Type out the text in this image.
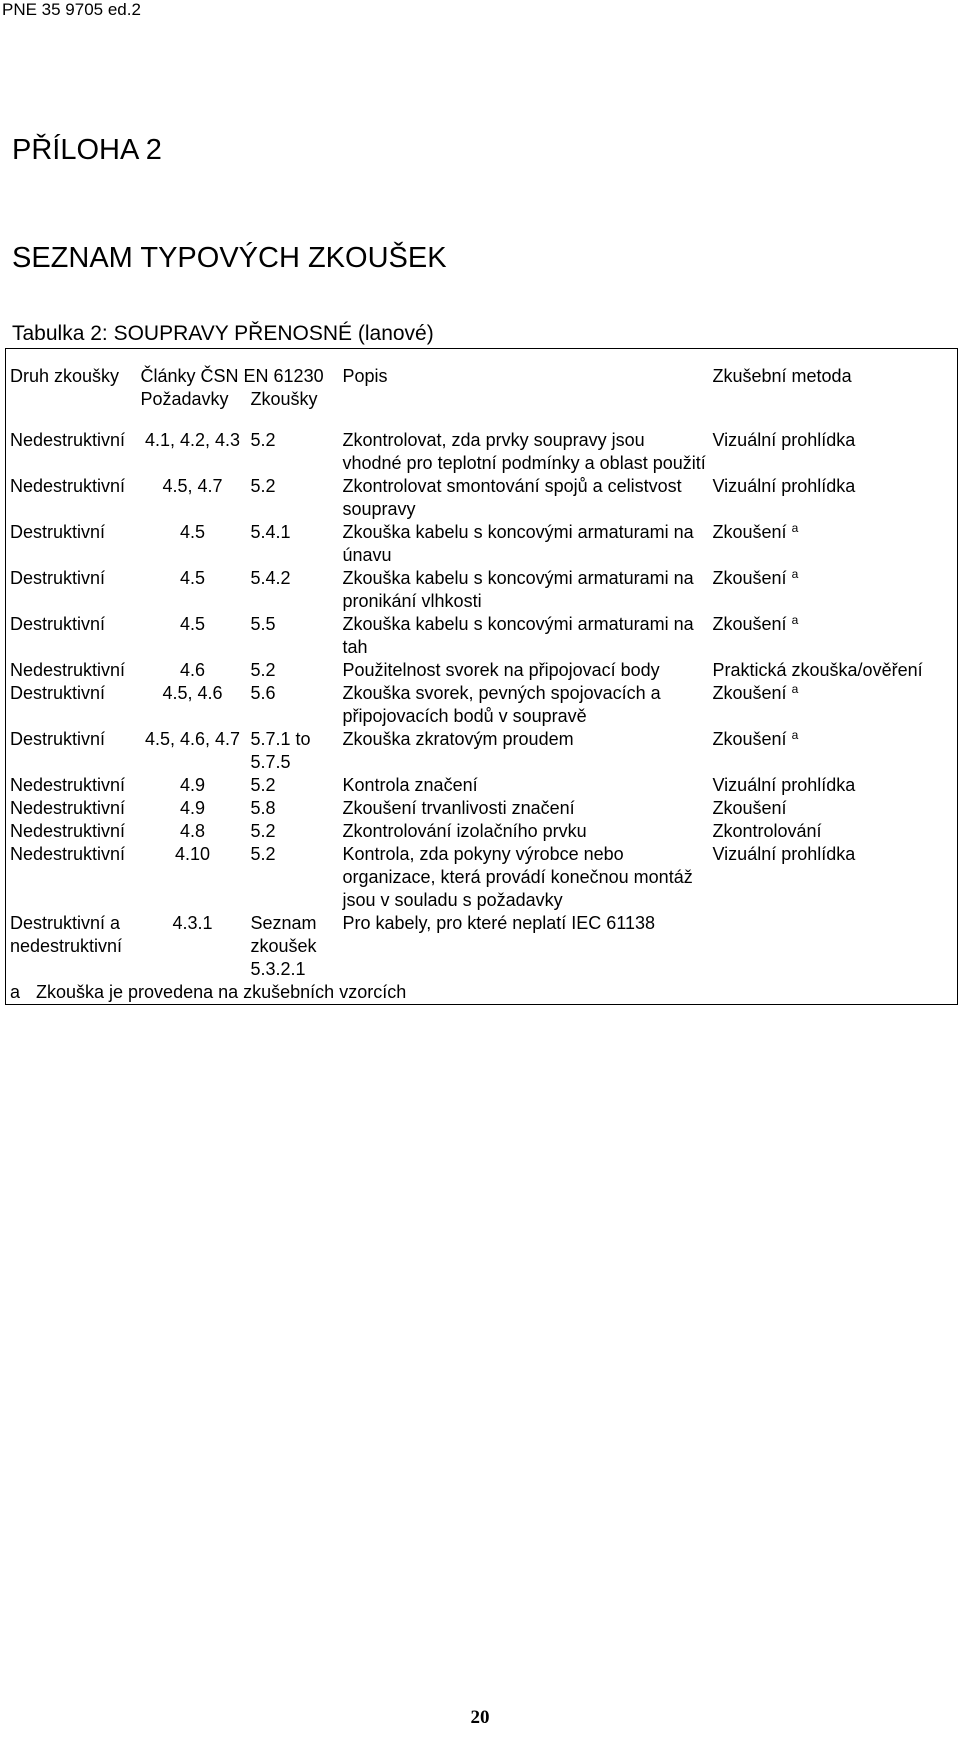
PNE 35 9705 ed.2
PŘÍLOHA 2
SEZNAM TYPOVÝCH ZKOUŠEK
Tabulka 2: SOUPRAVY PŘENOSNÉ (lanové)
Druh zkoušky	Články ČSN EN 61230		Popis	Zkušební metoda
	Požadavky	Zkoušky		
Nedestruktivní	4.1, 4.2, 4.3	5.2	Zkontrolovat, zda prvky soupravy jsou vhodné pro teplotní podmínky a oblast použití	Vizuální prohlídka
Nedestruktivní	4.5, 4.7	5.2	Zkontrolovat smontování spojů a celistvost soupravy	Vizuální prohlídka
Destruktivní	4.5	5.4.1	Zkouška kabelu s koncovými armaturami na únavu	Zkoušení $^a$
Destruktivní	4.5	5.4.2	Zkouška kabelu s koncovými armaturami na pronikání vlhkosti	Zkoušení $^a$
Destruktivní	4.5	5.5	Zkouška kabelu s koncovými armaturami na tah	Zkoušení $^a$
Nedestruktivní	4.6	5.2	Použitelnost svorek na připojovací body	Praktická zkouška/ověření
Destruktivní	4.5, 4.6	5.6	Zkouška svorek, pevných spojovacích a připojovacích bodů v soupravě	Zkoušení $^a$
Destruktivní	4.5, 4.6, 4.7	5.7.1 to 5.7.5	Zkouška zkratovým proudem	Zkoušení $^a$
Nedestruktivní	4.9	5.2	Kontrola značení	Vizuální prohlídka
Nedestruktivní	4.9	5.8	Zkoušení trvanlivosti značení	Zkoušení
Nedestruktivní	4.8	5.2	Zkontrolování izolačního prvku	Zkontrolování
Nedestruktivní	4.10	5.2	Kontrola, zda pokyny výrobce nebo organizace, která provádí konečnou montáž jsou v souladu s požadavky	Vizuální prohlídka
Destruktivní a nedestruktivní	4.3.1	Seznam zkoušek 5.3.2.1	Pro kabely, pro které neplatí IEC 61138	
a Zkouška je provedena na zkušebních vzorcích				
20
